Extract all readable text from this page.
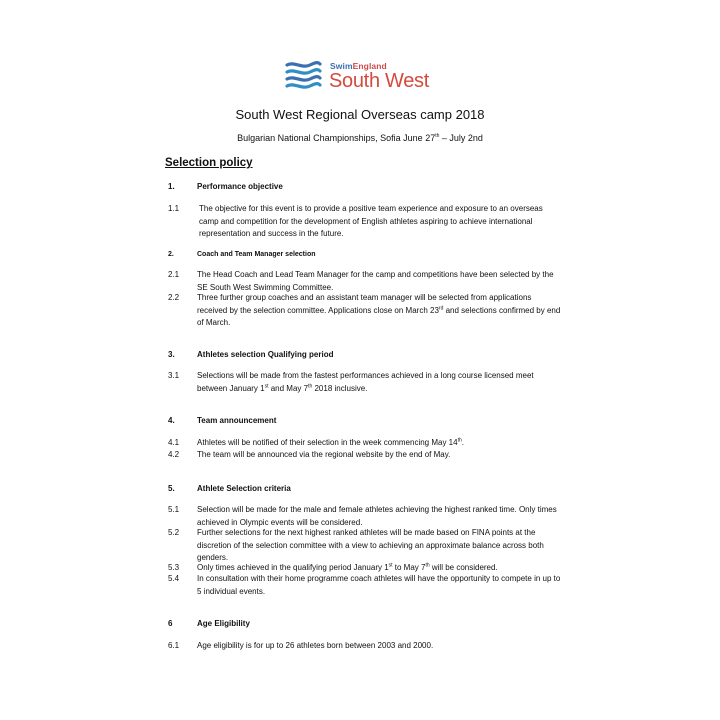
SwimEngland
South West
South West Regional Overseas camp 2018
Bulgarian National Championships, Sofia June 27th – July 2nd
Selection policy
1.	Performance objective
1.1	The objective for this event is to provide a positive team experience and exposure to an overseas camp and competition for the development of English athletes aspiring to achieve international representation and success in the future.
2.	Coach and Team Manager selection
2.1	The Head Coach and Lead Team Manager for the camp and competitions have been selected by the SE South West Swimming Committee.
2.2	Three further group coaches and an assistant team manager will be selected from applications received by the selection committee. Applications close on March 23rd and selections confirmed by end of March.
3.	Athletes selection Qualifying period
3.1	Selections will be made from the fastest performances achieved in a long course licensed meet between January 1st and May 7th 2018 inclusive.
4.	Team announcement
4.1	Athletes will be notified of their selection in the week commencing May 14th.
4.2	The team will be announced via the regional website by the end of May.
5.	Athlete Selection criteria
5.1	Selection will be made for the male and female athletes achieving the highest ranked time. Only times achieved in Olympic events will be considered.
5.2	Further selections for the next highest ranked athletes will be made based on FINA points at the discretion of the selection committee with a view to achieving an approximate balance across both genders.
5.3	Only times achieved in the qualifying period January 1st to May 7th will be considered.
5.4	In consultation with their home programme coach athletes will have the opportunity to compete in up to 5 individual events.
6	Age Eligibility
6.1	Age eligibility is for up to 26 athletes born between 2003 and 2000.
